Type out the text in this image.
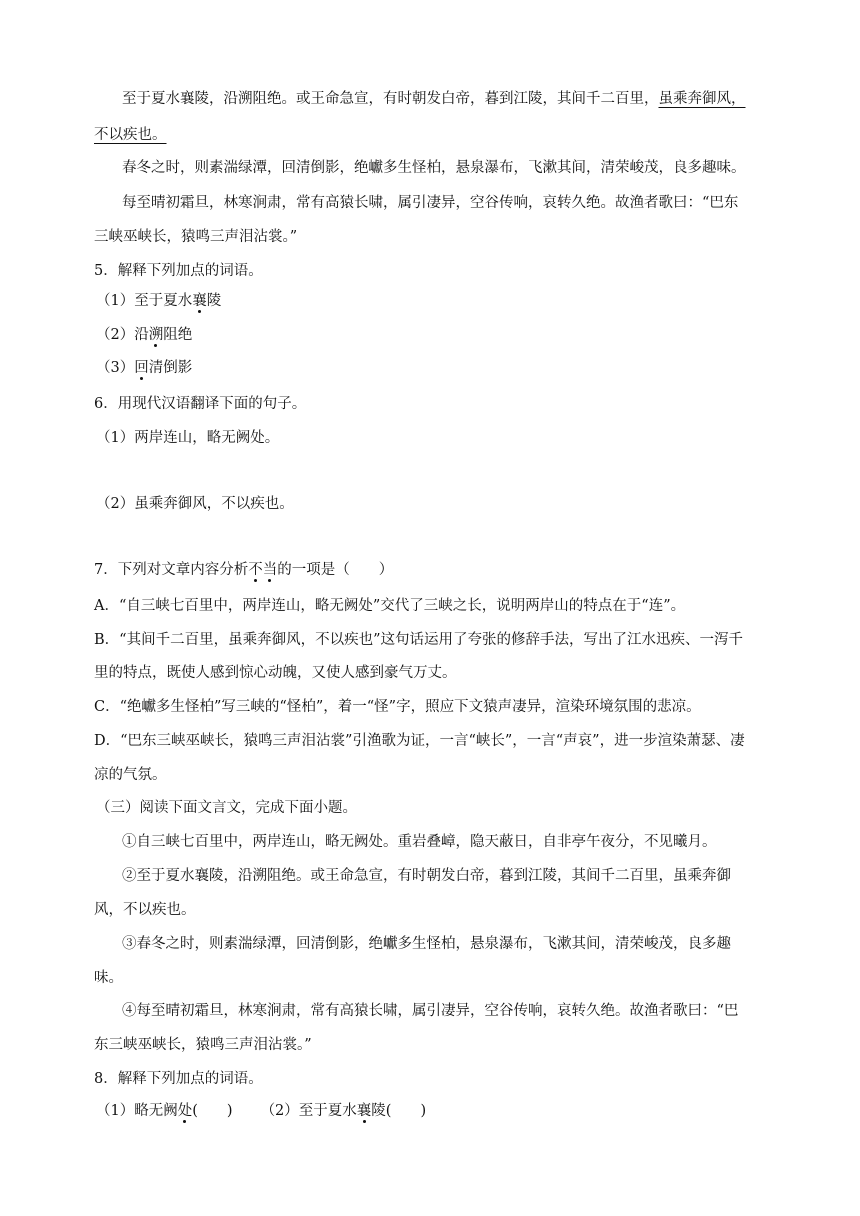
至于夏水襄陵，沿溯阻绝。或王命急宣，有时朝发白帝，暮到江陵，其间千二百里，虽乘奔御风，
不以疾也。
春冬之时，则素湍绿潭，回清倒影，绝巘多生怪柏，悬泉瀑布，飞漱其间，清荣峻茂，良多趣味。
每至晴初霜旦，林寒涧肃，常有高猿长啸，属引凄异，空谷传响，哀转久绝。故渔者歌曰：“巴东
三峡巫峡长，猿鸣三声泪沾裳。”
5．解释下列加点的词语。
（1）至于夏水襄陵
（2）沿溯阻绝
（3）回清倒影
6．用现代汉语翻译下面的句子。
（1）两岸连山，略无阙处。
（2）虽乘奔御风，不以疾也。
7．下列对文章内容分析不当的一项是（　　）
A．“自三峡七百里中，两岸连山，略无阙处”交代了三峡之长，说明两岸山的特点在于“连”。
B．“其间千二百里，虽乘奔御风，不以疾也”这句话运用了夸张的修辞手法，写出了江水迅疾、一泻千
里的特点，既使人感到惊心动魄，又使人感到豪气万丈。
C．“绝巘多生怪柏”写三峡的“怪柏”，着一“怪”字，照应下文猿声凄异，渲染环境氛围的悲凉。
D．“巴东三峡巫峡长，猿鸣三声泪沾裳”引渔歌为证，一言“峡长”，一言“声哀”，进一步渲染萧瑟、凄
凉的气氛。
（三）阅读下面文言文，完成下面小题。
①自三峡七百里中，两岸连山，略无阙处。重岩叠嶂，隐天蔽日，自非亭午夜分，不见曦月。
②至于夏水襄陵，沿溯阻绝。或王命急宣，有时朝发白帝，暮到江陵，其间千二百里，虽乘奔御
风，不以疾也。
③春冬之时，则素湍绿潭，回清倒影，绝巘多生怪柏，悬泉瀑布，飞漱其间，清荣峻茂，良多趣
味。
④每至晴初霜旦，林寒涧肃，常有高猿长啸，属引凄异，空谷传响，哀转久绝。故渔者歌曰：“巴
东三峡巫峡长，猿鸣三声泪沾裳。”
8．解释下列加点的词语。
（1）略无阙处(　　) （2）至于夏水襄陵(　　)
